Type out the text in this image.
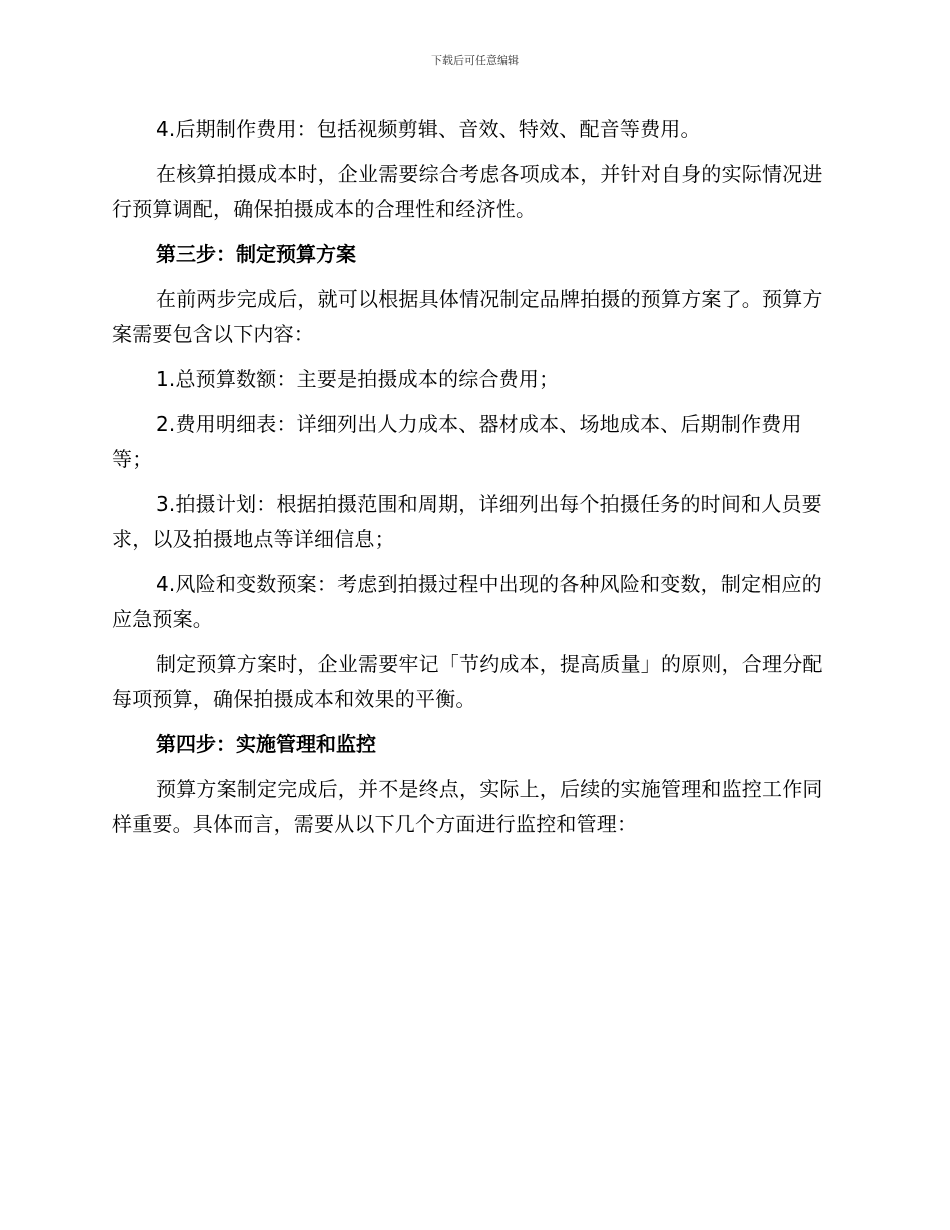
下载后可任意编辑

4.后期制作费用：包括视频剪辑、音效、特效、配音等费用。

在核算拍摄成本时，企业需要综合考虑各项成本，并针对自身的实际情况进行预算调配，确保拍摄成本的合理性和经济性。

第三步：制定预算方案

在前两步完成后，就可以根据具体情况制定品牌拍摄的预算方案了。预算方案需要包含以下内容：

1.总预算数额：主要是拍摄成本的综合费用；

2.费用明细表：详细列出人力成本、器材成本、场地成本、后期制作费用等；

3.拍摄计划：根据拍摄范围和周期，详细列出每个拍摄任务的时间和人员要求，以及拍摄地点等详细信息；

4.风险和变数预案：考虑到拍摄过程中出现的各种风险和变数，制定相应的应急预案。

制定预算方案时，企业需要牢记「节约成本，提高质量」的原则，合理分配每项预算，确保拍摄成本和效果的平衡。

第四步：实施管理和监控

预算方案制定完成后，并不是终点，实际上，后续的实施管理和监控工作同样重要。具体而言，需要从以下几个方面进行监控和管理：
